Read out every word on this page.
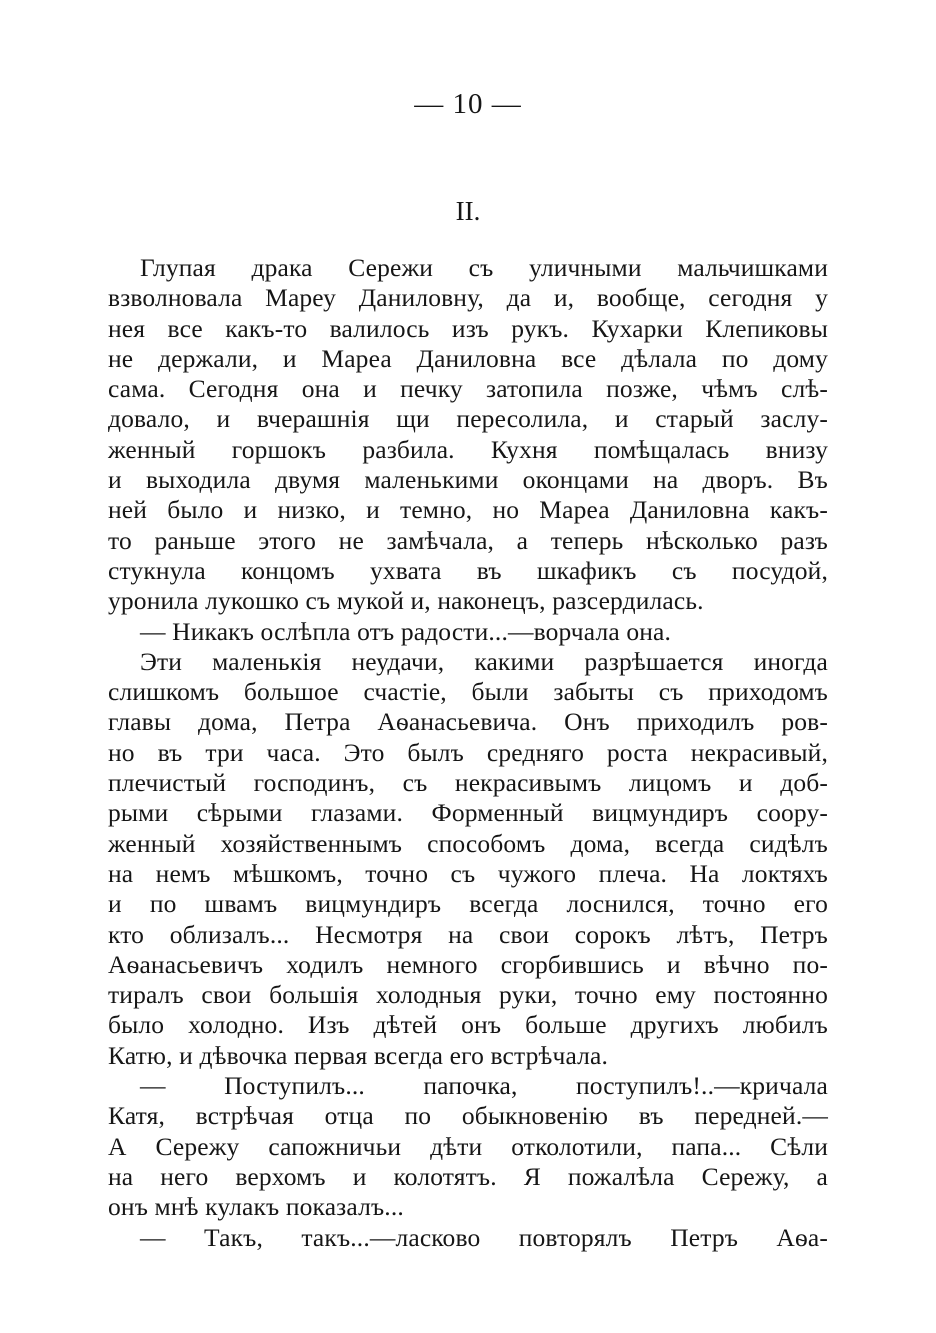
— 10 —
II.
Глупая драка Сережи съ уличными мальчишками
взволновала Мареу Даниловну, да и, вообще, сегодня у
нея все какъ-то валилось изъ рукъ. Кухарки Клепиковы
не держали, и Мареа Даниловна все дѣлала по дому
сама. Сегодня она и печку затопила позже, чѣмъ слѣ-
довало, и вчерашнія щи пересолила, и старый заслу-
женный горшокъ разбила. Кухня помѣщалась внизу
и выходила двумя маленькими оконцами на дворъ. Въ
ней было и низко, и темно, но Мареа Даниловна какъ-
то раньше этого не замѣчала, а теперь нѣсколько разъ
стукнула концомъ ухвата въ шкафикъ съ посудой,
уронила лукошко съ мукой и, наконецъ, разсердилась.
— Никакъ ослѣпла отъ радости...—ворчала она.
Эти маленькія неудачи, какими разрѣшается иногда
слишкомъ большое счастіе, были забыты съ приходомъ
главы дома, Петра Аѳанасьевича. Онъ приходилъ ров-
но въ три часа. Это былъ средняго роста некрасивый,
плечистый господинъ, съ некрасивымъ лицомъ и доб-
рыми сѣрыми глазами. Форменный вицмундиръ соору-
женный хозяйственнымъ способомъ дома, всегда сидѣлъ
на немъ мѣшкомъ, точно съ чужого плеча. На локтяхъ
и по швамъ вицмундиръ всегда лоснился, точно его
кто облизалъ... Несмотря на свои сорокъ лѣтъ, Петръ
Аѳанасьевичъ ходилъ немного сгорбившись и вѣчно по-
тиралъ свои большія холодныя руки, точно ему постоянно
было холодно. Изъ дѣтей онъ больше другихъ любилъ
Катю, и дѣвочка первая всегда его встрѣчала.
— Поступилъ... папочка, поступилъ!..—кричала
Катя, встрѣчая отца по обыкновенію въ передней.—
А Сережу сапожничьи дѣти отколотили, папа... Сѣли
на него верхомъ и колотятъ. Я пожалѣла Сережу, а
онъ мнѣ кулакъ показалъ...
— Такъ, такъ...—ласково повторялъ Петръ Аѳа-
